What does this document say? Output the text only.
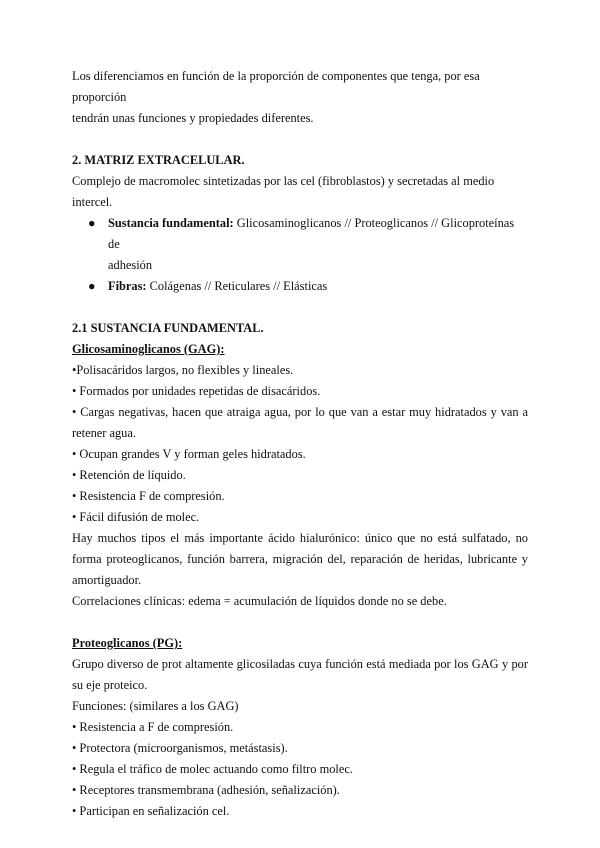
Los diferenciamos en función de la proporción de componentes que tenga, por esa proporción

tendrán unas funciones y propiedades diferentes.

2. MATRIZ EXTRACELULAR.

Complejo de macromolec sintetizadas por las cel (fibroblastos) y secretadas al medio intercel.

● Sustancia fundamental: Glicosaminoglicanos // Proteoglicanos // Glicoproteínas de
adhesión
● Fibras: Colágenas // Reticulares // Elásticas

2.1 SUSTANCIA FUNDAMENTAL.

Glicosaminoglicanos (GAG):

•Polisacáridos largos, no flexibles y lineales.

• Formados por unidades repetidas de disacáridos.

• Cargas negativas, hacen que atraiga agua, por lo que van a estar muy hidratados y van a retener agua.

• Ocupan grandes V y forman geles hidratados.

• Retención de líquido.

• Resistencia F de compresión.

• Fácil difusión de molec.

Hay muchos tipos el más importante ácido hialurónico: único que no está sulfatado, no forma proteoglicanos, función barrera, migración del, reparación de heridas, lubricante y amortiguador.

Correlaciones clínicas: edema = acumulación de líquidos donde no se debe.

Proteoglicanos (PG):

Grupo diverso de prot altamente glicosiladas cuya función está mediada por los GAG y por su eje proteico.

Funciones: (similares a los GAG)

• Resistencia a F de compresión.

• Protectora (microorganismos, metástasis).

• Regula el tráfico de molec actuando como filtro molec.

• Receptores transmembrana (adhesión, señalización).

• Participan en señalización cel.
